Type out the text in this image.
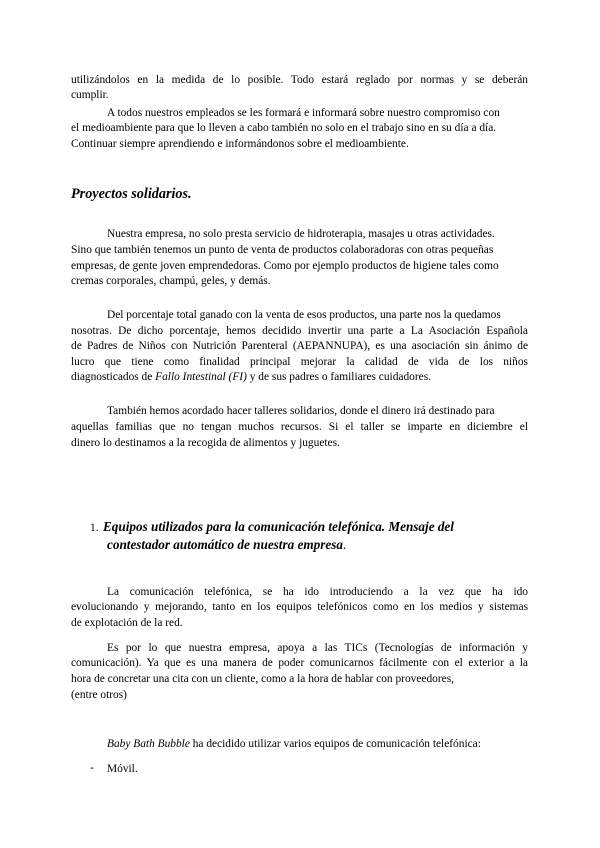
utilizándolos en la medida de lo posible. Todo estará reglado por normas y se deberán
cumplir.
A todos nuestros empleados se les formará e informará sobre nuestro compromiso con
el medioambiente para que lo lleven a cabo también no solo en el trabajo sino en su día a día.
Continuar siempre aprendiendo e informándonos sobre el medioambiente.
Proyectos solidarios.
Nuestra empresa, no solo presta servicio de hidroterapia, masajes u otras actividades.
Sino que también tenemos un punto de venta de productos colaboradoras con otras pequeñas
empresas, de gente joven emprendedoras. Como por ejemplo productos de higiene tales como
cremas corporales, champú, geles, y demás.
Del porcentaje total ganado con la venta de esos productos, una parte nos la quedamos
nosotras. De dicho porcentaje, hemos decidido invertir una parte a La Asociación Española
de Padres de Niños con Nutrición Parenteral (AEPANNUPA), es una asociación sin ánimo de
lucro que tiene como finalidad principal mejorar la calidad de vida de los niños
diagnosticados de Fallo Intestinal (FI) y de sus padres o familiares cuidadores.
También hemos acordado hacer talleres solidarios, donde el dinero irá destinado para
aquellas familias que no tengan muchos recursos. Si el taller se imparte en diciembre el
dinero lo destinamos a la recogida de alimentos y juguetes.
1. Equipos utilizados para la comunicación telefónica. Mensaje del
contestador automático de nuestra empresa.
La comunicación telefónica, se ha ido introduciendo a la vez que ha ido
evolucionando y mejorando, tanto en los equipos telefónicos como en los medios y sistemas
de explotación de la red.
Es por lo que nuestra empresa, apoya a las TICs (Tecnologías de información y
comunicación). Ya que es una manera de poder comunicarnos fácilmente con el exterior a la
hora de concretar una cita con un cliente, como a la hora de hablar con proveedores,
(entre otros)
Baby Bath Bubble ha decidido utilizar varios equipos de comunicación telefónica:
- Móvil.
